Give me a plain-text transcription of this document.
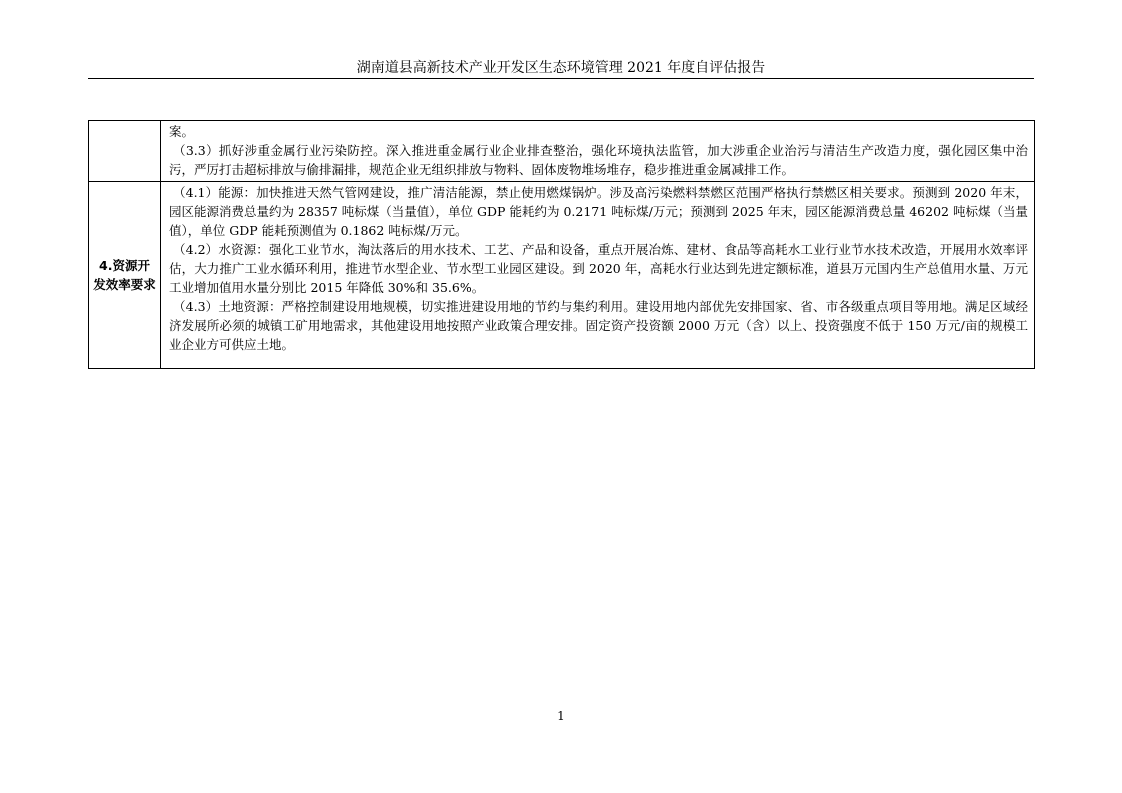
湖南道县高新技术产业开发区生态环境管理 2021 年度自评估报告

	案。
（3.3）抓好涉重金属行业污染防控。深入推进重金属行业企业排查整治，强化环境执法监管，加大涉重企业治污与清洁生产改造力度，强化园区集中治污，严厉打击超标排放与偷排漏排，规范企业无组织排放与物料、固体废物堆场堆存，稳步推进重金属减排工作。

4.资源开发效率要求	（4.1）能源：加快推进天然气管网建设，推广清洁能源，禁止使用燃煤锅炉。涉及高污染燃料禁燃区范围严格执行禁燃区相关要求。预测到 2020 年末，园区能源消费总量约为 28357 吨标煤（当量值），单位 GDP 能耗约为 0.2171 吨标煤/万元；预测到 2025 年末，园区能源消费总量 46202 吨标煤（当量值），单位 GDP 能耗预测值为 0.1862 吨标煤/万元。
（4.2）水资源：强化工业节水，淘汰落后的用水技术、工艺、产品和设备，重点开展冶炼、建材、食品等高耗水工业行业节水技术改造，开展用水效率评估，大力推广工业水循环利用，推进节水型企业、节水型工业园区建设。到 2020 年，高耗水行业达到先进定额标准，道县万元国内生产总值用水量、万元工业增加值用水量分别比 2015 年降低 30%和 35.6%。
（4.3）土地资源：严格控制建设用地规模，切实推进建设用地的节约与集约利用。建设用地内部优先安排国家、省、市各级重点项目等用地。满足区域经济发展所必须的城镇工矿用地需求，其他建设用地按照产业政策合理安排。固定资产投资额 2000 万元（含）以上、投资强度不低于 150 万元/亩的规模工业企业方可供应土地。
1
